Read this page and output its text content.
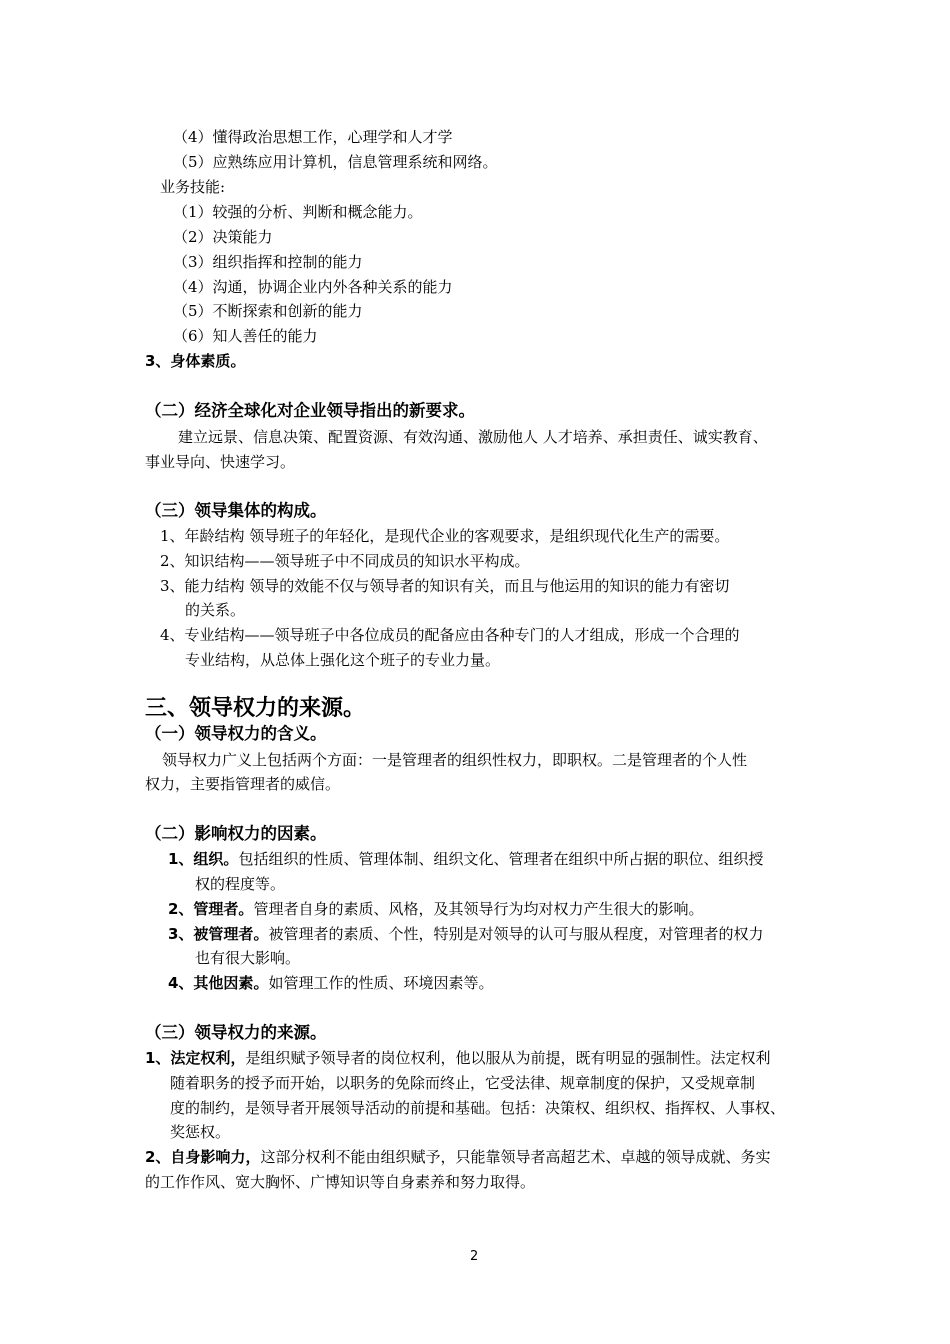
（4）懂得政治思想工作，心理学和人才学
（5）应熟练应用计算机，信息管理系统和网络。
业务技能:
（1）较强的分析、判断和概念能力。
（2）决策能力
（3）组织指挥和控制的能力
（4）沟通，协调企业内外各种关系的能力
（5）不断探索和创新的能力
（6）知人善任的能力
3、身体素质。
（二）经济全球化对企业领导指出的新要求。
建立远景、信息决策、配置资源、有效沟通、激励他人 人才培养、承担责任、诚实教育、
事业导向、快速学习。
（三）领导集体的构成。
1、年龄结构 领导班子的年轻化，是现代企业的客观要求，是组织现代化生产的需要。
2、知识结构——领导班子中不同成员的知识水平构成。
3、能力结构 领导的效能不仅与领导者的知识有关，而且与他运用的知识的能力有密切
的关系。
4、专业结构——领导班子中各位成员的配备应由各种专门的人才组成，形成一个合理的
专业结构，从总体上强化这个班子的专业力量。
三、领导权力的来源。
（一）领导权力的含义。
领导权力广义上包括两个方面：一是管理者的组织性权力，即职权。二是管理者的个人性
权力，主要指管理者的威信。
（二）影响权力的因素。
1、组织。包括组织的性质、管理体制、组织文化、管理者在组织中所占据的职位、组织授
权的程度等。
2、管理者。管理者自身的素质、风格，及其领导行为均对权力产生很大的影响。
3、被管理者。被管理者的素质、个性，特别是对领导的认可与服从程度，对管理者的权力
也有很大影响。
4、其他因素。如管理工作的性质、环境因素等。
（三）领导权力的来源。
1、法定权利，是组织赋予领导者的岗位权利，他以服从为前提，既有明显的强制性。法定权利
随着职务的授予而开始，以职务的免除而终止，它受法律、规章制度的保护，又受规章制
度的制约，是领导者开展领导活动的前提和基础。包括：决策权、组织权、指挥权、人事权、
奖惩权。
2、自身影响力，这部分权利不能由组织赋予，只能靠领导者高超艺术、卓越的领导成就、务实
的工作作风、宽大胸怀、广博知识等自身素养和努力取得。
2
